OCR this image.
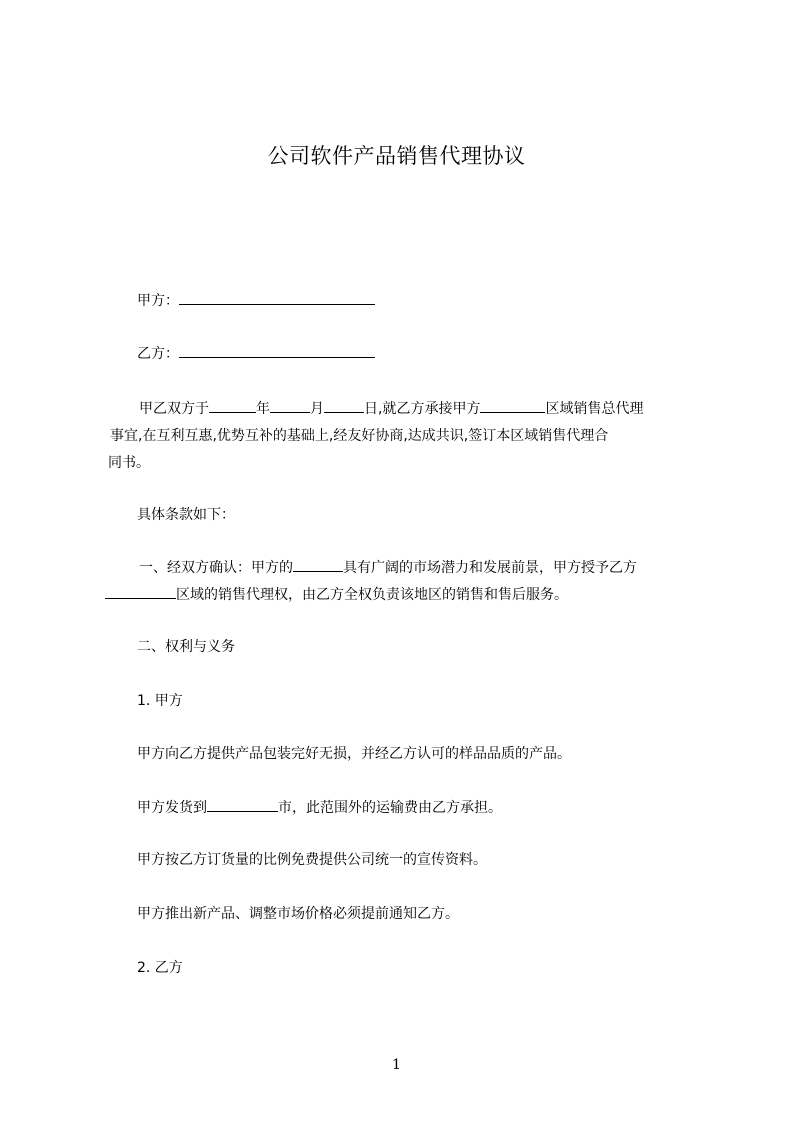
公司软件产品销售代理协议
甲方：
乙方：
甲乙双方于	年	月	日,就乙方承接甲方	区域销售总代理
事宜,在互利互惠,优势互补的基础上,经友好协商,达成共识,签订本区域销售代理合
同书。
具体条款如下：
一、经双方确认：甲方的	具有广阔的市场潜力和发展前景，甲方授予乙方
区域的销售代理权，由乙方全权负责该地区的销售和售后服务。
二、权利与义务
1. 甲方
甲方向乙方提供产品包装完好无损，并经乙方认可的样品品质的产品。
甲方发货到	市，此范围外的运输费由乙方承担。
甲方按乙方订货量的比例免费提供公司统一的宣传资料。
甲方推出新产品、调整市场价格必须提前通知乙方。
2. 乙方
1
